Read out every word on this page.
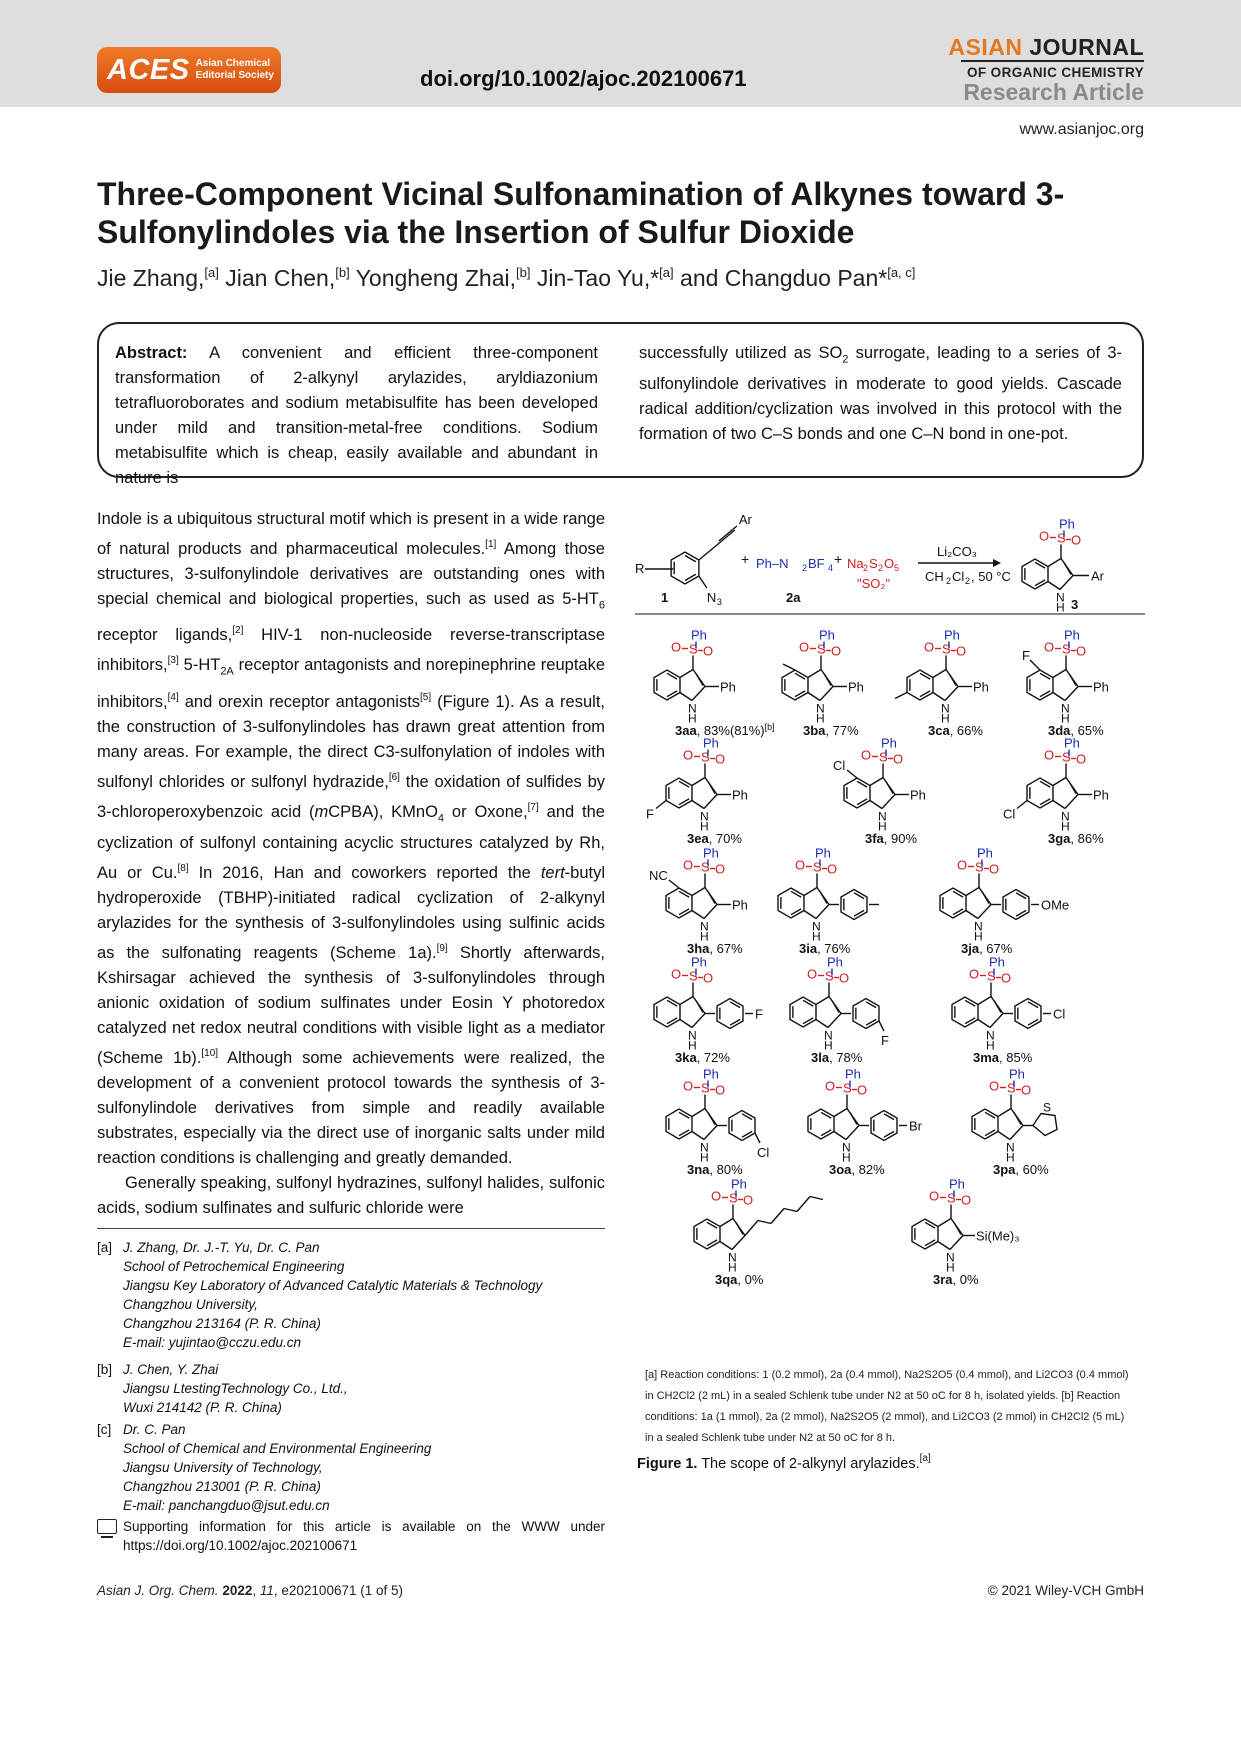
ACES Asian Chemical
Editorial Society	doi.org/10.1002/ajoc.202100671
ASIAN JOURNAL
OF ORGANIC CHEMISTRY
Research Article
www.asianjoc.org
Three-Component Vicinal Sulfonamination of Alkynes toward 3-Sulfonylindoles via the Insertion of Sulfur Dioxide
Jie Zhang,[a] Jian Chen,[b] Yongheng Zhai,[b] Jin-Tao Yu,*[a] and Changduo Pan*[a, c]
Abstract: A convenient and efficient three-component transformation of 2-alkynyl arylazides, aryldiazonium tetrafluoroborates and sodium metabisulfite has been developed under mild and transition-metal-free conditions. Sodium metabisulfite which is cheap, easily available and abundant in nature is
successfully utilized as $SO_2$ surrogate, leading to a series of 3-sulfonylindole derivatives in moderate to good yields. Cascade radical addition/cyclization was involved in this protocol with the formation of two C–S bonds and one C–N bond in one-pot.

Indole is a ubiquitous structural motif which is present in a wide range of natural products and pharmaceutical molecules.[1] Among those structures, 3-sulfonylindole derivatives are outstanding ones with special chemical and biological properties, such as used as $5-HT_6$ receptor ligands,[2] HIV-1 non-nucleoside reverse-transcriptase inhibitors,[3] $5-HT_{2A}$ receptor antagonists and norepinephrine reuptake inhibitors,[4] and orexin receptor antagonists[5] (Figure 1). As a result, the construction of 3-sulfonylindoles has drawn great attention from many areas. For example, the direct C3-sulfonylation of indoles with sulfonyl chlorides or sulfonyl hydrazide,[6] the oxidation of sulfides by 3-chloroperoxybenzoic acid (mCPBA), KMnO$_4$ or Oxone,[7] and the cyclization of sulfonyl containing acyclic structures catalyzed by Rh, Au or Cu.[8] In 2016, Han and coworkers reported the tert-butyl hydroperoxide (TBHP)-initiated radical cyclization of 2-alkynyl arylazides for the synthesis of 3-sulfonylindoles using sulfinic acids as the sulfonating reagents (Scheme 1a).[9] Shortly afterwards, Kshirsagar achieved the synthesis of 3-sulfonylindoles through anionic oxidation of sodium sulfinates under Eosin Y photoredox catalyzed net redox neutral conditions with visible light as a mediator (Scheme 1b).[10] Although some achievements were realized, the development of a convenient protocol towards the synthesis of 3-sulfonylindole derivatives from simple and readily available substrates, especially via the direct use of inorganic salts under mild reaction conditions is challenging and greatly demanded.

Generally speaking, sulfonyl hydrazines, sulfonyl halides, sulfonic acids, sodium sulfinates and sulfuric chloride were

[a] J. Zhang, Dr. J.-T. Yu, Dr. C. Pan
School of Petrochemical Engineering
Jiangsu Key Laboratory of Advanced Catalytic Materials & Technology
Changzhou University,
Changzhou 213164 (P. R. China)
E-mail: yujintao@cczu.edu.cn
[b] J. Chen, Y. Zhai
Jiangsu LtestingTechnology Co., Ltd.,
Wuxi 214142 (P. R. China)
[c] Dr. C. Pan
School of Chemical and Environmental Engineering
Jiangsu University of Technology,
Changzhou 213001 (P. R. China)
E-mail: panchangduo@jsut.edu.cn
Supporting information for this article is available on the WWW under https://doi.org/10.1002/ajoc.202100671
Asian J. Org. Chem. 2022, 11, e202100671 (1 of 5)	© 2021 Wiley-VCH GmbH
Ar
R
N 3
1
+ Ph–N 2 BF 4
+
2a
Na 2 S 2 O 5
"SO₂"
Li₂CO₃
CH 2 Cl 2 , 50 °C
N
H
S
O O
Ph
Ar
3
N
H
S
O O
Ph
Ph
3aa, 83%(81%)[b]
N
H
S
O O
Ph
Ph
3ba, 77%
N
H
S
O O
Ph
Ph
3ca, 66%
N
H
S
O O
Ph
Ph
F
3da, 65%
N
H
S
O O
Ph
Ph
F
3ea, 70%
N
H
S
O O
Ph
Ph
Cl
3fa, 90%
N
H
S
O O
Ph
Ph
Cl
3ga, 86%
N
H
S
O O
Ph
Ph
NC
3ha, 67%
N
H
S
O O
Ph
3ia, 76%
N
H
S
O O
Ph
OMe
3ja, 67%
N
H
S
O O
Ph
F
3ka, 72%
N
H
S
O O
Ph
F
3la, 78%
N
H
S
O O
Ph
Cl
3ma, 85%
N
H
S
O O
Ph
Cl
3na, 80%
N
H
S
O O
Ph
Br
3oa, 82%
N
H
S
O O
Ph
S
3pa, 60%
N
H
S
O O
Ph
3qa, 0%
N
H
S
O O
Ph
Si(Me)₃
3ra, 0%
[a] Reaction conditions: 1 (0.2 mmol), 2a (0.4 mmol), Na2S2O5 (0.4 mmol), and Li2CO3 (0.4 mmol)
in CH2Cl2 (2 mL) in a sealed Schlenk tube under N2 at 50 oC for 8 h, isolated yields. [b] Reaction
conditions: 1a (1 mmol), 2a (2 mmol), Na2S2O5 (2 mmol), and Li2CO3 (2 mmol) in CH2Cl2 (5 mL)
in a sealed Schlenk tube under N2 at 50 oC for 8 h.
Figure 1. The scope of 2-alkynyl arylazides.[a]
